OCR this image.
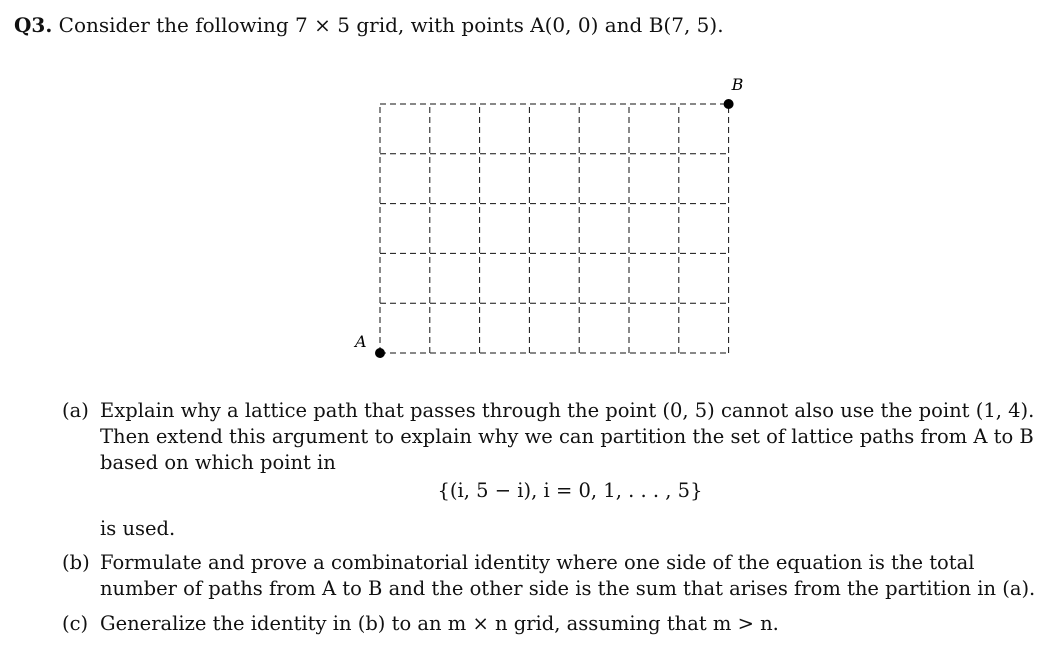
Q3. Consider the following 7 × 5 grid, with points A(0, 0) and B(7, 5).
A
B
(a) Explain why a lattice path that passes through the point (0, 5) cannot also use the point (1, 4). Then extend this argument to explain why we can partition the set of lattice paths from A to B based on which point in
{(i, 5 − i), i = 0, 1, . . . , 5}
is used.
(b) Formulate and prove a combinatorial identity where one side of the equation is the total number of paths from A to B and the other side is the sum that arises from the partition in (a).
(c) Generalize the identity in (b) to an m × n grid, assuming that m > n.
